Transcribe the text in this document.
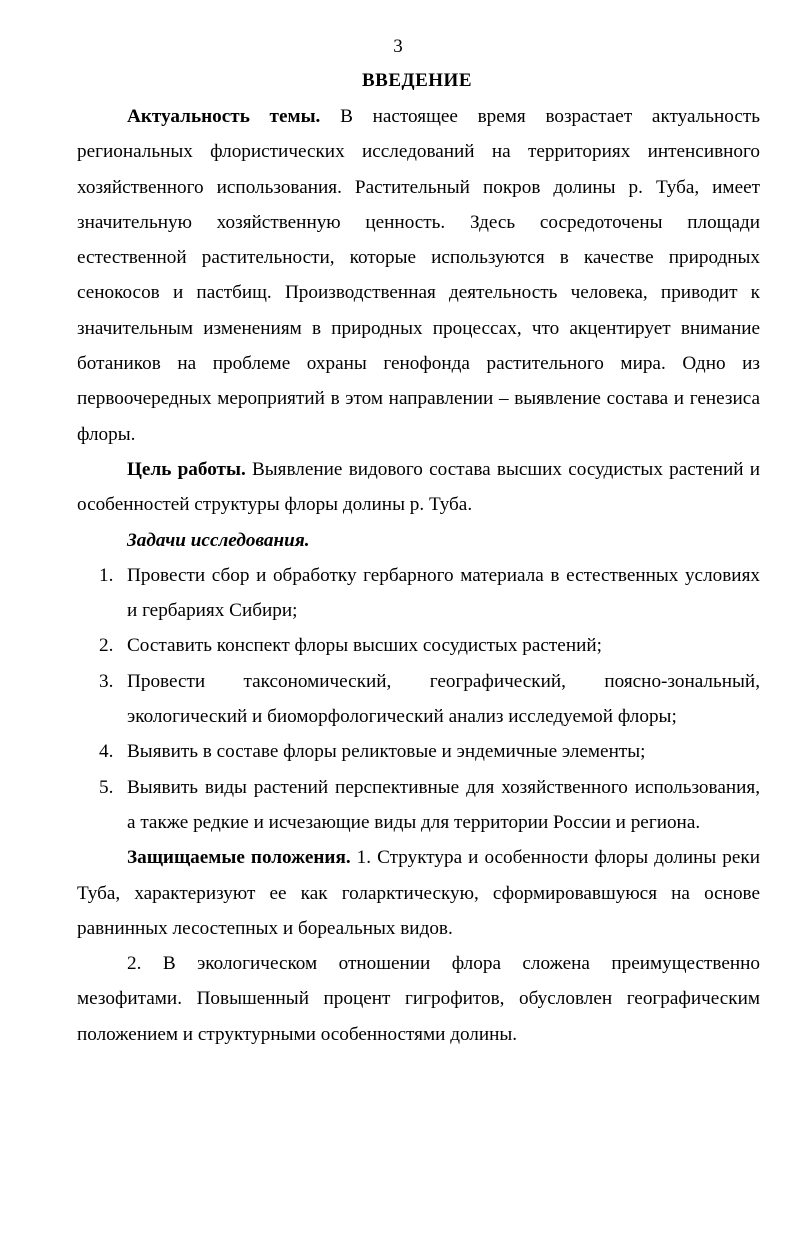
3
ВВЕДЕНИЕ

Актуальность темы. В настоящее время возрастает актуальность региональных флористических исследований на территориях интенсивного хозяйственного использования. Растительный покров долины р. Туба, имеет значительную хозяйственную ценность. Здесь сосредоточены площади естественной растительности, которые используются в качестве природных сенокосов и пастбищ. Производственная деятельность человека, приводит к значительным изменениям в природных процессах, что акцентирует внимание ботаников на проблеме охраны генофонда растительного мира. Одно из первоочередных мероприятий в этом направлении – выявление состава и генезиса флоры.

Цель работы. Выявление видового состава высших сосудистых растений и особенностей структуры флоры долины р. Туба.

Задачи исследования.

1. Провести сбор и обработку гербарного материала в естественных условиях и гербариях Сибири;
2. Составить конспект флоры высших сосудистых растений;
3. Провести таксономический, географический, поясно-зональный, экологический и биоморфологический анализ исследуемой флоры;
4. Выявить в составе флоры реликтовые и эндемичные элементы;
5. Выявить виды растений перспективные для хозяйственного использования, а также редкие и исчезающие виды для территории России и региона.

Защищаемые положения. 1. Структура и особенности флоры долины реки Туба, характеризуют ее как голарктическую, сформировавшуюся на основе равнинных лесостепных и бореальных видов.

2. В экологическом отношении флора сложена преимущественно мезофитами. Повышенный процент гигрофитов, обусловлен географическим положением и структурными особенностями долины.
